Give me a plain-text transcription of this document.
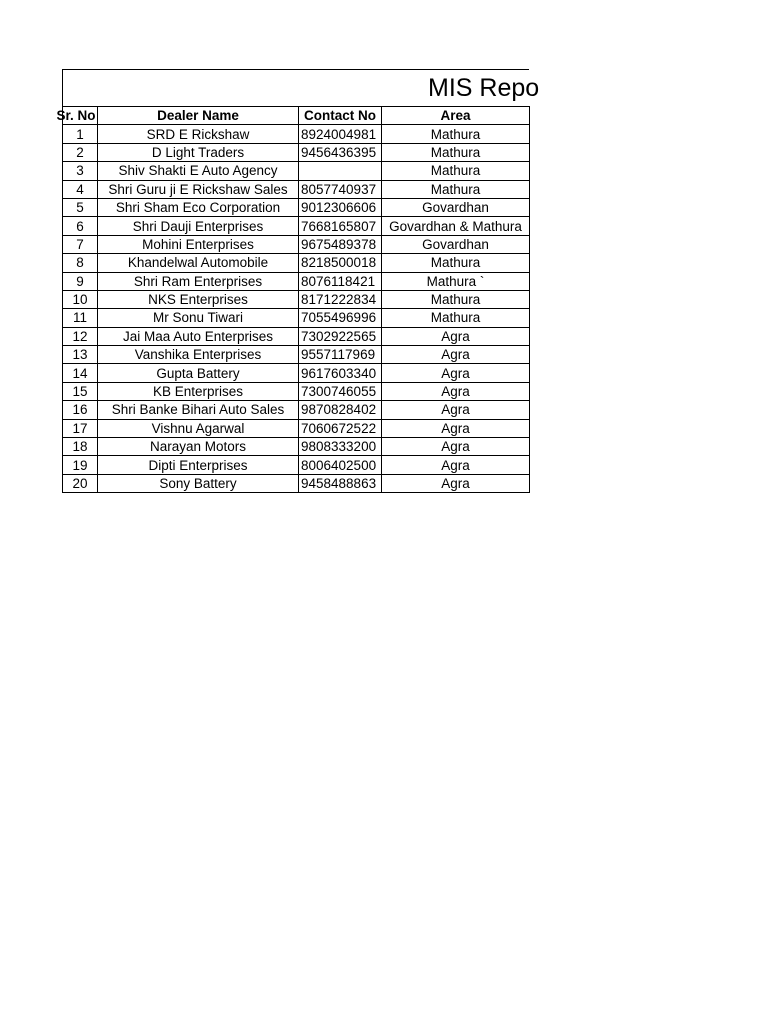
MIS Repo
Sr. No	Dealer Name	Contact No	Area
1	SRD E Rickshaw	8924004981	Mathura
2	D Light Traders	9456436395	Mathura
3	Shiv Shakti E Auto Agency		Mathura
4	Shri Guru ji E Rickshaw Sales	8057740937	Mathura
5	Shri Sham Eco Corporation	9012306606	Govardhan
6	Shri Dauji Enterprises	7668165807	Govardhan & Mathura
7	Mohini Enterprises	9675489378	Govardhan
8	Khandelwal Automobile	8218500018	Mathura
9	Shri Ram Enterprises	8076118421	Mathura `
10	NKS Enterprises	8171222834	Mathura
11	Mr Sonu Tiwari	7055496996	Mathura
12	Jai Maa Auto Enterprises	7302922565	Agra
13	Vanshika Enterprises	9557117969	Agra
14	Gupta Battery	9617603340	Agra
15	KB Enterprises	7300746055	Agra
16	Shri Banke Bihari Auto Sales	9870828402	Agra
17	Vishnu Agarwal	7060672522	Agra
18	Narayan Motors	9808333200	Agra
19	Dipti Enterprises	8006402500	Agra
20	Sony Battery	9458488863	Agra
